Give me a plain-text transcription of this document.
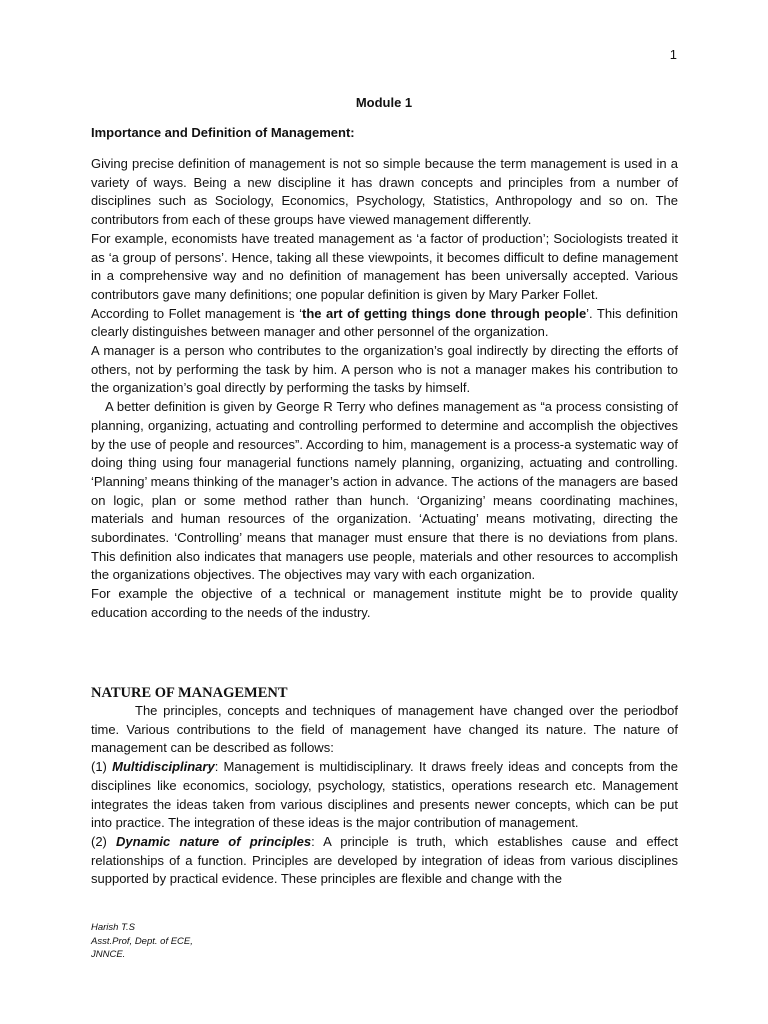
1
Module 1
Importance and Definition of Management:

Giving precise definition of management is not so simple because the term management is used in a variety of ways. Being a new discipline it has drawn concepts and principles from a number of disciplines such as Sociology, Economics, Psychology, Statistics, Anthropology and so on. The contributors from each of these groups have viewed management differently.

For example, economists have treated management as ‘a factor of production’; Sociologists treated it as ‘a group of persons’. Hence, taking all these viewpoints, it becomes difficult to define management in a comprehensive way and no definition of management has been universally accepted. Various contributors gave many definitions; one popular definition is given by Mary Parker Follet.

According to Follet management is ‘the art of getting things done through people’. This definition clearly distinguishes between manager and other personnel of the organization.

A manager is a person who contributes to the organization’s goal indirectly by directing the efforts of others, not by performing the task by him. A person who is not a manager makes his contribution to the organization’s goal directly by performing the tasks by himself.

A better definition is given by George R Terry who defines management as “a process consisting of planning, organizing, actuating and controlling performed to determine and accomplish the objectives by the use of people and resources”. According to him, management is a process-a systematic way of doing thing using four managerial functions namely planning, organizing, actuating and controlling. ‘Planning’ means thinking of the manager’s action in advance. The actions of the managers are based on logic, plan or some method rather than hunch. ‘Organizing’ means coordinating machines, materials and human resources of the organization. ‘Actuating’ means motivating, directing the subordinates. ‘Controlling’ means that manager must ensure that there is no deviations from plans. This definition also indicates that managers use people, materials and other resources to accomplish the organizations objectives. The objectives may vary with each organization.

For example the objective of a technical or management institute might be to provide quality education according to the needs of the industry.

NATURE OF MANAGEMENT

The principles, concepts and techniques of management have changed over the periodbof time. Various contributions to the field of management have changed its nature. The nature of management can be described as follows:

(1) Multidisciplinary: Management is multidisciplinary. It draws freely ideas and concepts from the disciplines like economics, sociology, psychology, statistics, operations research etc. Management integrates the ideas taken from various disciplines and presents newer concepts, which can be put into practice. The integration of these ideas is the major contribution of management.

(2) Dynamic nature of principles: A principle is truth, which establishes cause and effect relationships of a function. Principles are developed by integration of ideas from various disciplines supported by practical evidence. These principles are flexible and change with the

Harish T.S
Asst.Prof, Dept. of ECE,
JNNCE.
